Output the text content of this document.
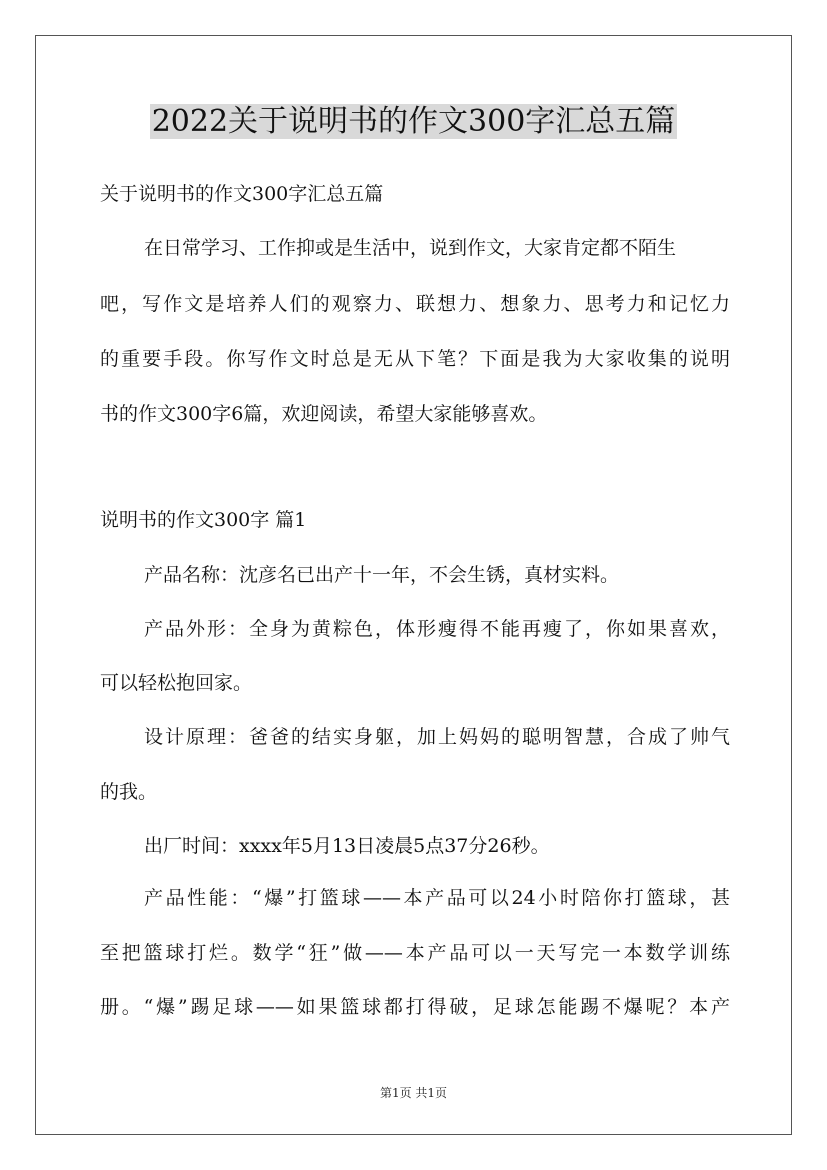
2022关于说明书的作文300字汇总五篇
关于说明书的作文300字汇总五篇
在日常学习、工作抑或是生活中，说到作文，大家肯定都不陌生
吧，写作文是培养人们的观察力、联想力、想象力、思考力和记忆力
的重要手段。你写作文时总是无从下笔？下面是我为大家收集的说明
书的作文300字6篇，欢迎阅读，希望大家能够喜欢。
说明书的作文300字 篇1
产品名称：沈彦名已出产十一年，不会生锈，真材实料。
产品外形：全身为黄粽色，体形瘦得不能再瘦了，你如果喜欢，
可以轻松抱回家。
设计原理：爸爸的结实身躯，加上妈妈的聪明智慧，合成了帅气
的我。
出厂时间：xxxx年5月13日凌晨5点37分26秒。
产品性能：“爆”打篮球——本产品可以24小时陪你打篮球，甚
至把篮球打烂。数学“狂”做——本产品可以一天写完一本数学训练
册。“爆”踢足球——如果篮球都打得破，足球怎能踢不爆呢？本产
第1页 共1页
